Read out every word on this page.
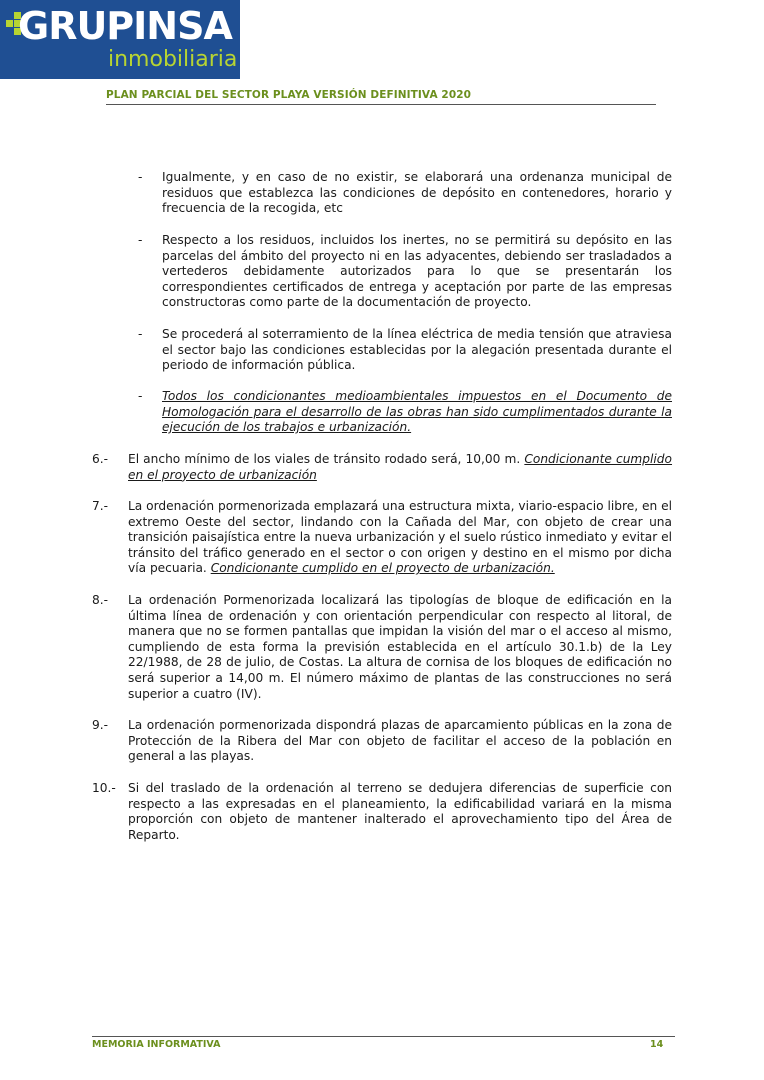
GRUPINSA
inmobiliaria
PLAN PARCIAL DEL SECTOR PLAYA VERSIÓN DEFINITIVA 2020
- Igualmente, y en caso de no existir, se elaborará una ordenanza municipal de residuos que establezca las condiciones de depósito en contenedores, horario y frecuencia de la recogida, etc

- Respecto a los residuos, incluidos los inertes, no se permitirá su depósito en las parcelas del ámbito del proyecto ni en las adyacentes, debiendo ser trasladados a vertederos debidamente autorizados para lo que se presentarán los correspondientes certificados de entrega y aceptación por parte de las empresas constructoras como parte de la documentación de proyecto.

- Se procederá al soterramiento de la línea eléctrica de media tensión que atraviesa el sector bajo las condiciones establecidas por la alegación presentada durante el periodo de información pública.

- Todos los condicionantes medioambientales impuestos en el Documento de Homologación para el desarrollo de las obras han sido cumplimentados durante la ejecución de los trabajos e urbanización.

6.- El ancho mínimo de los viales de tránsito rodado será, 10,00 m. Condicionante cumplido en el proyecto de urbanización

7.- La ordenación pormenorizada emplazará una estructura mixta, viario-espacio libre, en el extremo Oeste del sector, lindando con la Cañada del Mar, con objeto de crear una transición paisajística entre la nueva urbanización y el suelo rústico inmediato y evitar el tránsito del tráfico generado en el sector o con origen y destino en el mismo por dicha vía pecuaria. Condicionante cumplido en el proyecto de urbanización.

8.- La ordenación Pormenorizada localizará las tipologías de bloque de edificación en la última línea de ordenación y con orientación perpendicular con respecto al litoral, de manera que no se formen pantallas que impidan la visión del mar o el acceso al mismo, cumpliendo de esta forma la previsión establecida en el artículo 30.1.b) de la Ley 22/1988, de 28 de julio, de Costas. La altura de cornisa de los bloques de edificación no será superior a 14,00 m. El número máximo de plantas de las construcciones no será superior a cuatro (IV).

9.- La ordenación pormenorizada dispondrá plazas de aparcamiento públicas en la zona de Protección de la Ribera del Mar con objeto de facilitar el acceso de la población en general a las playas.

10.- Si del traslado de la ordenación al terreno se dedujera diferencias de superficie con respecto a las expresadas en el planeamiento, la edificabilidad variará en la misma proporción con objeto de mantener inalterado el aprovechamiento tipo del Área de Reparto.

MEMORIA INFORMATIVA	14
